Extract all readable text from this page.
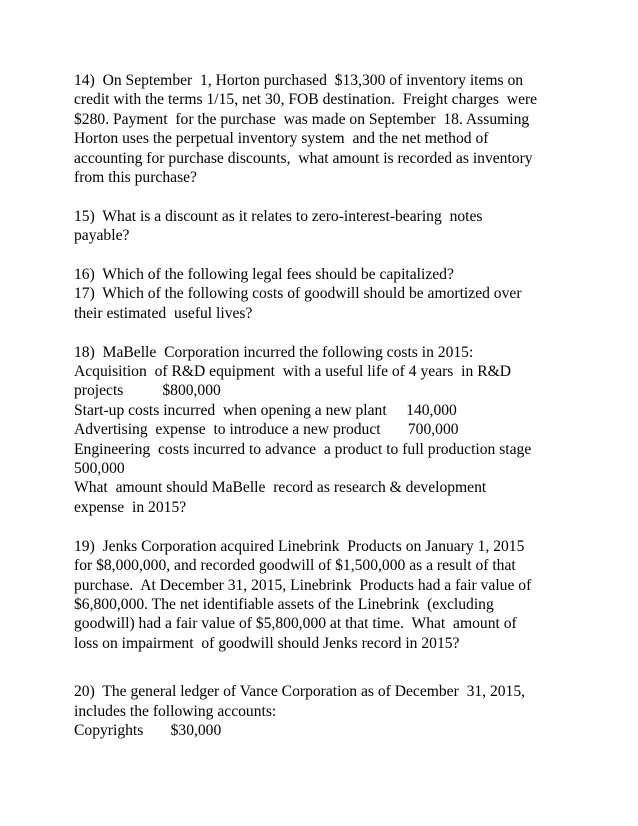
14)  On September  1, Horton purchased  $13,300 of inventory items on
credit with the terms 1/15, net 30, FOB destination.  Freight charges  were
$280. Payment  for the purchase  was made on September  18. Assuming
Horton uses the perpetual inventory system  and the net method of
accounting for purchase discounts,  what amount is recorded as inventory
from this purchase?
15)  What is a discount as it relates to zero-interest-bearing  notes
payable?
16)  Which of the following legal fees should be capitalized?
17)  Which of the following costs of goodwill should be amortized over
their estimated  useful lives?
18)  MaBelle  Corporation incurred the following costs in 2015:
Acquisition  of R&D equipment  with a useful life of 4 years  in R&D
projects          $800,000
Start-up costs incurred  when opening a new plant     140,000
Advertising  expense  to introduce a new product       700,000
Engineering  costs incurred to advance  a product to full production stage
500,000
What  amount should MaBelle  record as research & development
expense  in 2015?
19)  Jenks Corporation acquired Linebrink  Products on January 1, 2015
for $8,000,000, and recorded goodwill of $1,500,000 as a result of that
purchase.  At December 31, 2015, Linebrink  Products had a fair value of
$6,800,000. The net identifiable assets of the Linebrink  (excluding
goodwill) had a fair value of $5,800,000 at that time.  What  amount of
loss on impairment  of goodwill should Jenks record in 2015?
20)  The general ledger of Vance Corporation as of December  31, 2015,
includes the following accounts:
Copyrights       $30,000
